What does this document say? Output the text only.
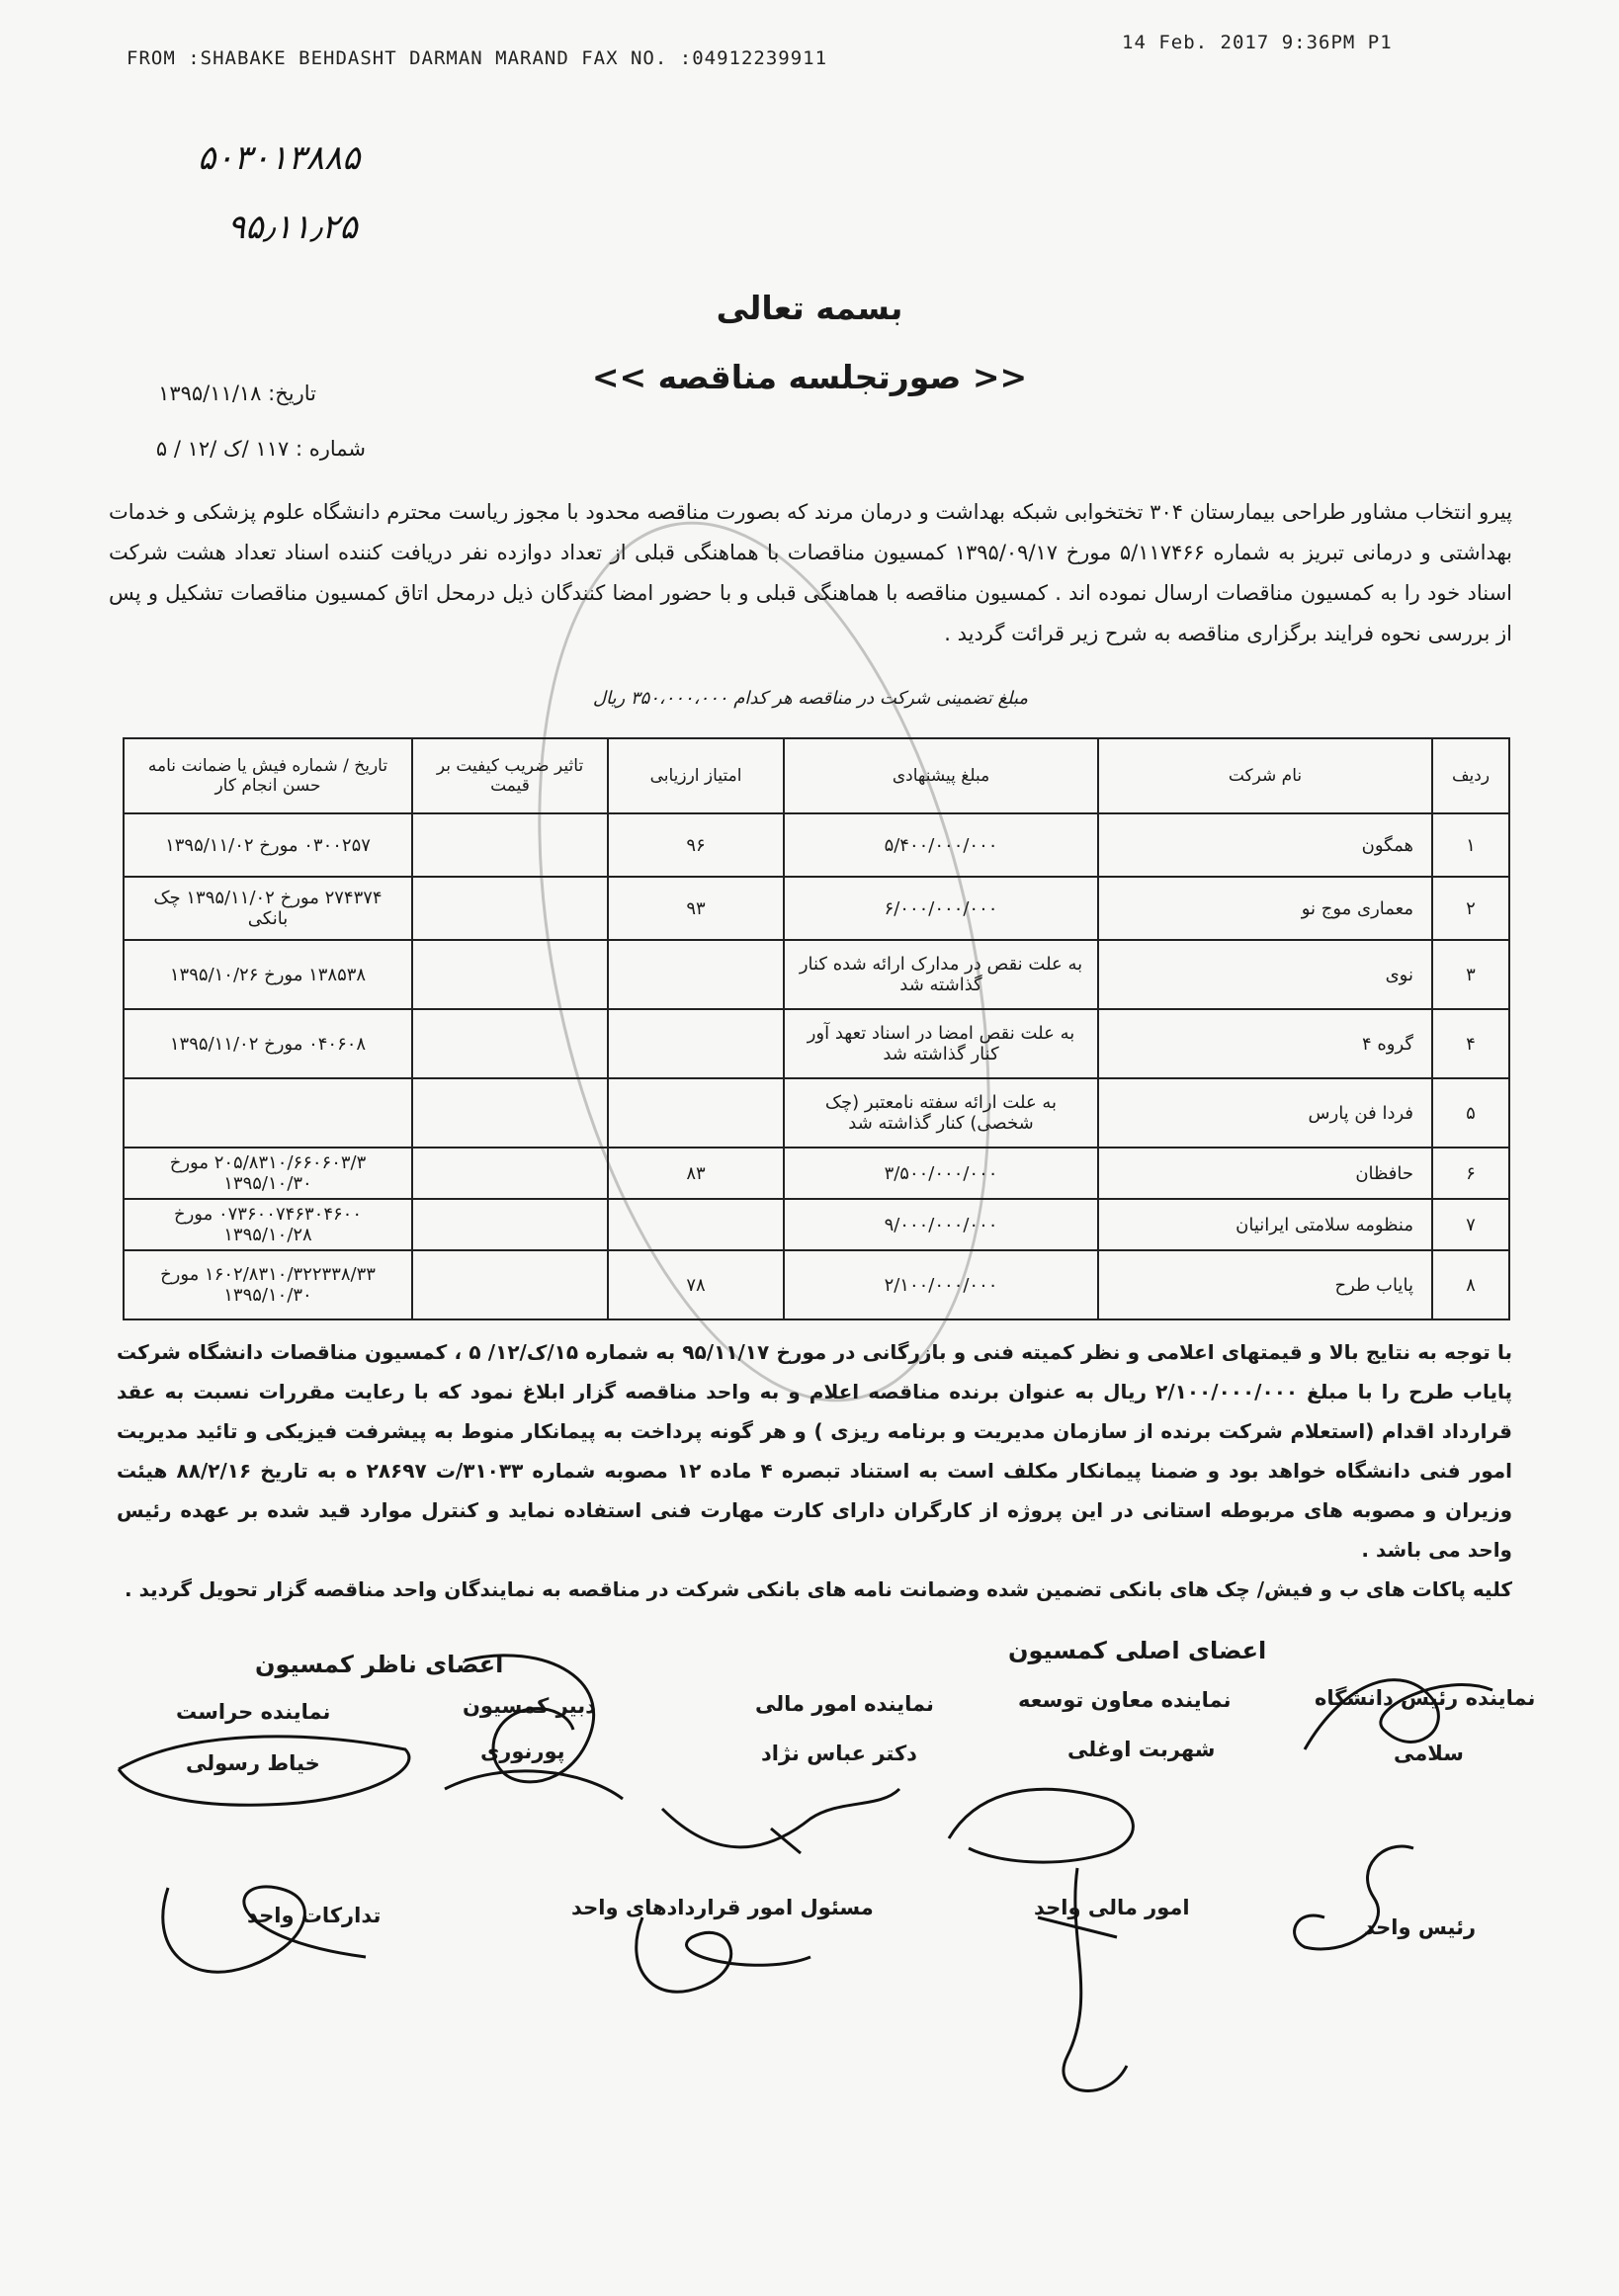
FROM :SHABAKE BEHDASHT DARMAN MARAND FAX NO. :04912239911
14 Feb. 2017 9:36PM P1
۵۰۳۰۱۳۸۸۵
۹۵٫۱۱٫۲۵
بسمه تعالی
<< صورتجلسه مناقصه >>
تاریخ: ۱۳۹۵/۱۱/۱۸
شماره : ۱۱۷ /ک /۱۲ / ۵
پیرو انتخاب مشاور طراحی بیمارستان ۳۰۴ تختخوابی شبکه بهداشت و درمان مرند که بصورت مناقصه محدود با مجوز ریاست محترم دانشگاه علوم پزشکی و خدمات بهداشتی و درمانی تبریز به شماره ۵/۱۱۷۴۶۶ مورخ ۱۳۹۵/۰۹/۱۷ کمسیون مناقصات با هماهنگی قبلی از تعداد دوازده نفر دریافت کننده اسناد تعداد هشت شرکت اسناد خود را به کمسیون مناقصات ارسال نموده اند . کمسیون مناقصه با هماهنگی قبلی و با حضور امضا کنندگان ذیل درمحل اتاق کمسیون مناقصات تشکیل و پس از بررسی نحوه فرایند برگزاری مناقصه به شرح زیر قرائت گردید .
مبلغ تضمینی شرکت در مناقصه هر کدام ۳۵۰،۰۰۰،۰۰۰ ریال
ردیف	نام شرکت	مبلغ پیشنهادی	امتیاز ارزیابی	تاثیر ضریب کیفیت بر قیمت	تاریخ / شماره فیش یا ضمانت نامه حسن انجام کار
۱	همگون	۵/۴۰۰/۰۰۰/۰۰۰	۹۶		۰۳۰۰۲۵۷ مورخ ۱۳۹۵/۱۱/۰۲
۲	معماری موج نو	۶/۰۰۰/۰۰۰/۰۰۰	۹۳		۲۷۴۳۷۴ مورخ ۱۳۹۵/۱۱/۰۲ چک بانکی
۳	نوی	به علت نقص در مدارک ارائه شده کنار گذاشته شد			۱۳۸۵۳۸ مورخ ۱۳۹۵/۱۰/۲۶
۴	گروه ۴	به علت نقص امضا در اسناد تعهد آور کنار گذاشته شد			۰۴۰۶۰۸ مورخ ۱۳۹۵/۱۱/۰۲
۵	فردا فن پارس	به علت ارائه سفته نامعتبر (چک شخصی) کنار گذاشته شد			
۶	حافظان	۳/۵۰۰/۰۰۰/۰۰۰	۸۳		۲۰۵/۸۳۱۰/۶۶۰۶۰۳/۳ مورخ ۱۳۹۵/۱۰/۳۰
۷	منظومه سلامتی ایرانیان	۹/۰۰۰/۰۰۰/۰۰۰			۰۷۳۶۰۰۷۴۶۳۰۴۶۰۰ مورخ ۱۳۹۵/۱۰/۲۸
۸	پایاب طرح	۲/۱۰۰/۰۰۰/۰۰۰	۷۸		۱۶۰۲/۸۳۱۰/۳۲۲۳۳۸/۳۳ مورخ ۱۳۹۵/۱۰/۳۰
با توجه به نتایج بالا و قیمتهای اعلامی و نظر کمیته فنی و بازرگانی در مورخ ۹۵/۱۱/۱۷ به شماره ۱۵/ک/۱۲/ ۵ ، کمسیون مناقصات دانشگاه شرکت پایاب طرح را با مبلغ ۲/۱۰۰/۰۰۰/۰۰۰ ریال به عنوان برنده مناقصه اعلام و به واحد مناقصه گزار ابلاغ نمود که با رعایت مقررات نسبت به عقد قرارداد اقدام (استعلام شرکت برنده از سازمان مدیریت و برنامه ریزی ) و هر گونه پرداخت به پیمانکار منوط به پیشرفت فیزیکی و تائید مدیریت امور فنی دانشگاه خواهد بود و ضمنا پیمانکار مکلف است به استناد تبصره ۴ ماده ۱۲ مصوبه شماره ۳۱۰۳۳/ت ۲۸۶۹۷ ه به تاریخ ۸۸/۲/۱۶ هیئت وزیران و مصوبه های مربوطه استانی در این پروژه از کارگران دارای کارت مهارت فنی استفاده نماید و کنترل موارد قید شده بر عهده رئیس واحد می باشد .
کلیه پاکات های ب و فیش/ چک های بانکی تضمین شده وضمانت نامه های بانکی شرکت در مناقصه به نمایندگان واحد مناقصه گزار تحویل گردید .
اعضای اصلی کمسیون
اعضای ناظر کمسیون
نماینده رئیس دانشگاه
سلامی
نماینده معاون توسعه
شهربت اوغلی
نماینده امور مالی
دکتر عباس نژاد
دبیر کمسیون
پورنوری
نماینده حراست
خیاط رسولی
رئیس واحد
امور مالی واحد
مسئول امور قراردادهای واحد
تدارکات واحد
